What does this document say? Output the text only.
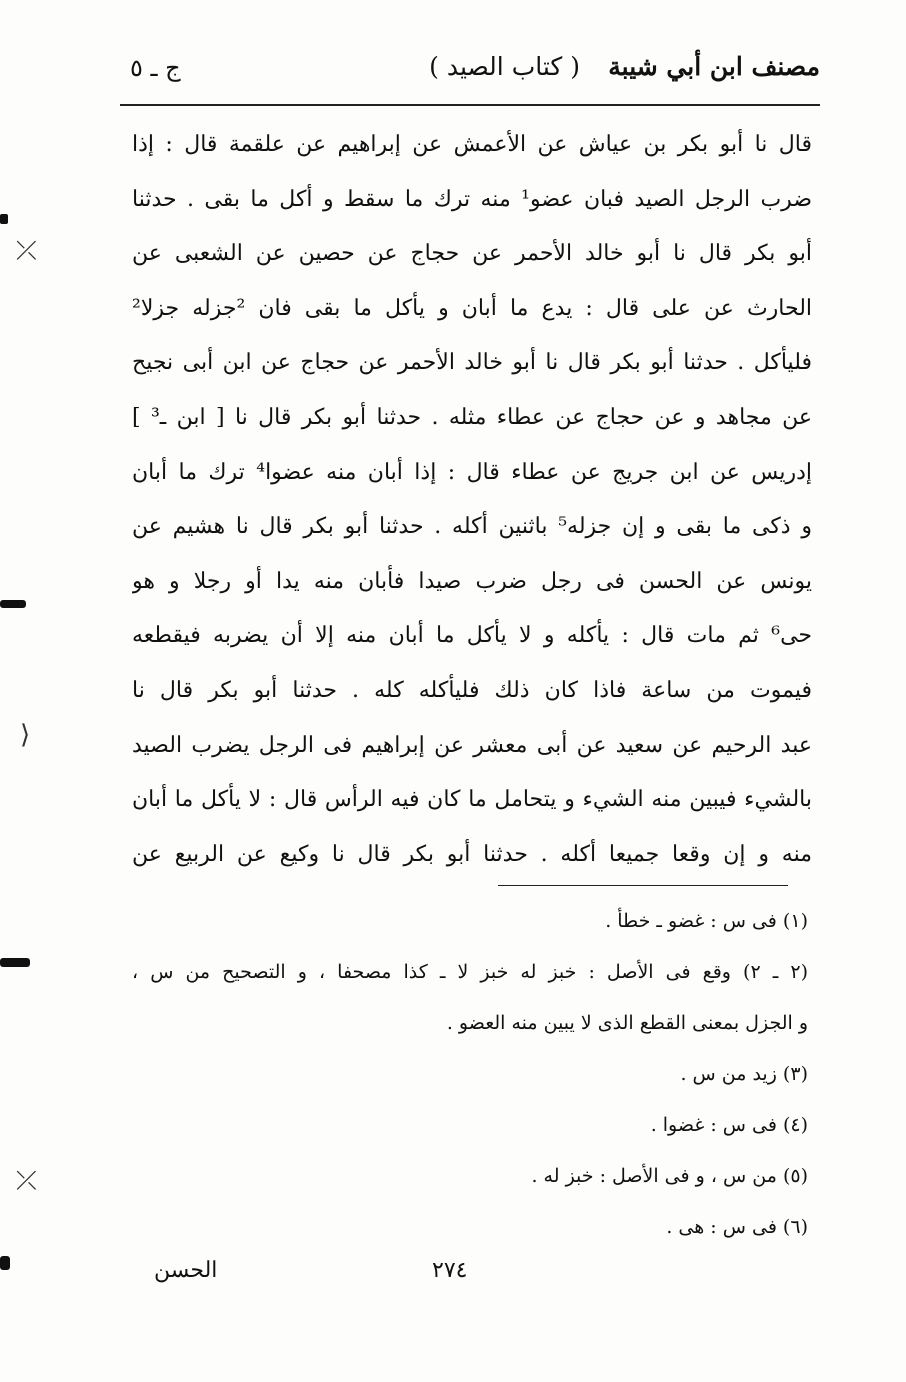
مصنف ابن أبي شيبة
( كتاب الصيد )
ج ـ ٥
قال نا أبو بكر بن عياش عن الأعمش عن إبراهيم عن علقمة قال : إذا
ضرب الرجل الصيد فبان عضو¹ منه ترك ما سقط و أكل ما بقى . حدثنا
أبو بكر قال نا أبو خالد الأحمر عن حجاج عن حصين عن الشعبى عن
الحارث عن على قال : يدع ما أبان و يأكل ما بقى فان ²جزله جزلا²
فليأكل . حدثنا أبو بكر قال نا أبو خالد الأحمر عن حجاج عن ابن أبى نجيح
عن مجاهد و عن حجاج عن عطاء مثله . حدثنا أبو بكر قال نا [ ابن ـ³ ]
إدريس عن ابن جريج عن عطاء قال : إذا أبان منه عضوا⁴ ترك ما أبان
و ذكى ما بقى و إن جزله⁵ باثنين أكله . حدثنا أبو بكر قال نا هشيم عن
يونس عن الحسن فى رجل ضرب صيدا فأبان منه يدا أو رجلا و هو
حى⁶ ثم مات قال : يأكله و لا يأكل ما أبان منه إلا أن يضربه فيقطعه
فيموت من ساعة فاذا كان ذلك فليأكله كله . حدثنا أبو بكر قال نا
عبد الرحيم عن سعيد عن أبى معشر عن إبراهيم فى الرجل يضرب الصيد
بالشيء فيبين منه الشيء و يتحامل ما كان فيه الرأس قال : لا يأكل ما أبان
منه و إن وقعا جميعا أكله . حدثنا أبو بكر قال نا وكيع عن الربيع عن
(١) فى س : غضو ـ خطأ .
(٢ ـ ٢) وقع فى الأصل : خبز له خبز لا ـ كذا مصحفا ، و التصحيح من س ،
و الجزل بمعنى القطع الذى لا يبين منه العضو .
(٣) زيد من س .
(٤) فى س : غضوا .
(٥) من س ، و فى الأصل : خبز له .
(٦) فى س : هى .
٢٧٤
الحسن
⤫
⟩
⤫
